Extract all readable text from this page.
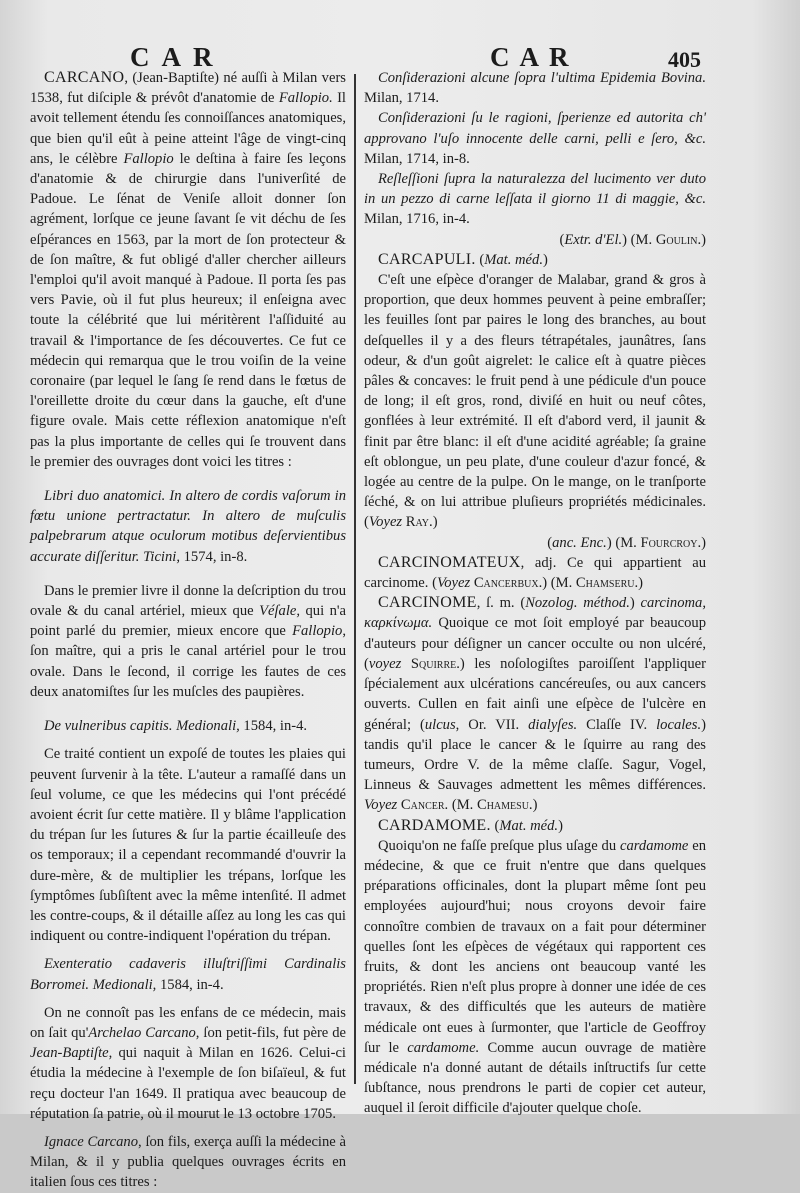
CAR	CAR	405

CARCANO, (Jean-Baptiſte) né auſſi à Milan vers 1538, fut diſciple & prévôt d'anatomie de Fallopio. Il avoit tellement étendu ſes connoiſſances anatomiques, que bien qu'il eût à peine atteint l'âge de vingt-cinq ans, le célèbre Fallopio le deſtina à faire ſes leçons d'anatomie & de chirurgie dans l'univerſité de Padoue. Le ſénat de Veniſe alloit donner ſon agrément, lorſque ce jeune ſavant ſe vit déchu de ſes eſpérances en 1563, par la mort de ſon protecteur & de ſon maître, & fut obligé d'aller chercher ailleurs l'emploi qu'il avoit manqué à Padoue. Il porta ſes pas vers Pavie, où il fut plus heureux; il enſeigna avec toute la célébrité que lui méritèrent l'aſſiduité au travail & l'importance de ſes découvertes. Ce fut ce médecin qui remarqua que le trou voiſin de la veine coronaire (par lequel le ſang ſe rend dans le fœtus de l'oreillette droite du cœur dans la gauche, eſt d'une figure ovale. Mais cette réflexion anatomique n'eſt pas la plus importante de celles qui ſe trouvent dans le premier des ouvrages dont voici les titres :

Libri duo anatomici. In altero de cordis vaſorum in fœtu unione pertractatur. In altero de muſculis palpebrarum atque oculorum motibus deſervientibus accurate diſſeritur. Ticini, 1574, in-8.

Dans le premier livre il donne la deſcription du trou ovale & du canal artériel, mieux que Véſale, qui n'a point parlé du premier, mieux encore que Fallopio, ſon maître, qui a pris le canal artériel pour le trou ovale. Dans le ſecond, il corrige les fautes de ces deux anatomiſtes ſur les muſcles des paupières.

De vulneribus capitis. Medionali, 1584, in-4.

Ce traité contient un expoſé de toutes les plaies qui peuvent ſurvenir à la tête. L'auteur a ramaſſé dans un ſeul volume, ce que les médecins qui l'ont précédé avoient écrit ſur cette matière. Il y blâme l'application du trépan ſur les ſutures & ſur la partie écailleuſe des os temporaux; il a cependant recommandé d'ouvrir la dure-mère, & de multiplier les trépans, lorſque les ſymptômes ſubſiſtent avec la même intenſité. Il admet les contre-coups, & il détaille aſſez au long les cas qui indiquent ou contre-indiquent l'opération du trépan.

Exenteratio cadaveris illuſtriſſimi Cardinalis Borromei. Medionali, 1584, in-4.

On ne connoît pas les enfans de ce médecin, mais on ſait qu'Archelao Carcano, ſon petit-fils, fut père de Jean-Baptiſte, qui naquit à Milan en 1626. Celui-ci étudia la médecine à l'exemple de ſon biſaïeul, & fut reçu docteur l'an 1649. Il pratiqua avec beaucoup de réputation ſa patrie, où il mourut le 13 octobre 1705.

Ignace Carcano, ſon fils, exerça auſſi la médecine à Milan, & il y publia quelques ouvrages écrits en italien ſous ces titres :

Conſiderazioni alcune ſopra l'ultima Epidemia Bovina. Milan, 1714.

Conſiderazioni ſu le ragioni, ſperienze ed autorita ch' approvano l'uſo innocente delle carni, pelli e ſero, &c. Milan, 1714, in-8.

Reſleſſioni ſupra la naturalezza del lucimento ver duto in un pezzo di carne leſſata il giorno 11 di maggie, &c. Milan, 1716, in-4.

(Extr. d'El.) (M. Goulin.)

CARCAPULI. (Mat. méd.)

C'eſt une eſpèce d'oranger de Malabar, grand & gros à proportion, que deux hommes peuvent à peine embraſſer; les feuilles ſont par paires le long des branches, au bout deſquelles il y a des fleurs tétrapétales, jaunâtres, ſans odeur, & d'un goût aigrelet: le calice eſt à quatre pièces pâles & concaves: le fruit pend à une pédicule d'un pouce de long; il eſt gros, rond, diviſé en huit ou neuf côtes, gonflées à leur extrémité. Il eſt d'abord verd, il jaunit & finit par être blanc: il eſt d'une acidité agréable; ſa graine eſt oblongue, un peu plate, d'une couleur d'azur foncé, & logée au centre de la pulpe. On le mange, on le tranſporte ſéché, & on lui attribue pluſieurs propriétés médicinales. (Voyez Ray.)

(anc. Enc.) (M. Fourcroy.)

CARCINOMATEUX, adj. Ce qui appartient au carcinome. (Voyez Cancerbux.) (M. Chamseru.)

CARCINOME, ſ. m. (Nozolog. méthod.) carcinoma, καρκίνωμα. Quoique ce mot ſoit employé par beaucoup d'auteurs pour déſigner un cancer occulte ou non ulcéré, (voyez Squirre.) les noſologiſtes paroiſſent l'appliquer ſpécialement aux ulcérations cancéreuſes, ou aux cancers ouverts. Cullen en fait ainſi une eſpèce de l'ulcère en général; (ulcus, Or. VII. dialyſes. Claſſe IV. locales.) tandis qu'il place le cancer & le ſquirre au rang des tumeurs, Ordre V. de la même claſſe. Sagur, Vogel, Linneus & Sauvages admettent les mêmes différences. Voyez Cancer. (M. Chamesu.)

CARDAMOME. (Mat. méd.)

Quoiqu'on ne faſſe preſque plus uſage du cardamome en médecine, & que ce fruit n'entre que dans quelques préparations officinales, dont la plupart même ſont peu employées aujourd'hui; nous croyons devoir faire connoître combien de travaux on a fait pour déterminer quelles ſont les eſpèces de végétaux qui rapportent ces fruits, & dont les anciens ont beaucoup vanté les propriétés. Rien n'eſt plus propre à donner une idée de ces travaux, & des difficultés que les auteurs de matière médicale ont eues à ſurmonter, que l'article de Geoffroy ſur le cardamome. Comme aucun ouvrage de matière médicale n'a donné autant de détails inſtructifs ſur cette ſubſtance, nous prendrons le parti de copier cet auteur, auquel il ſeroit difficile d'ajouter quelque choſe.
